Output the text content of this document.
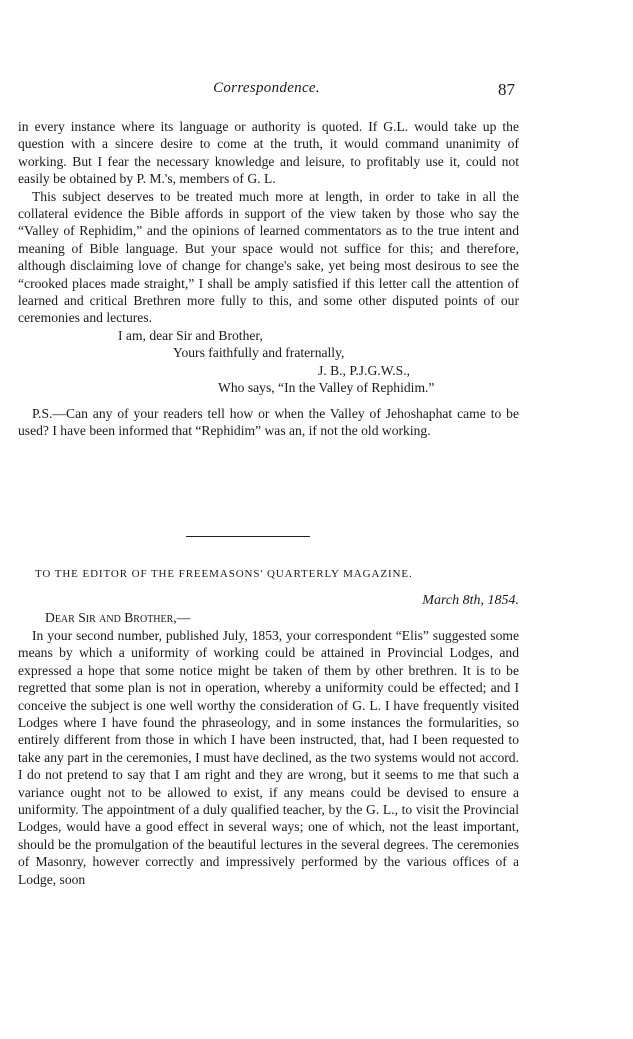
Correspondence.	87

in every instance where its language or authority is quoted. If G.L. would take up the question with a sincere desire to come at the truth, it would command unanimity of working. But I fear the necessary knowledge and leisure, to profitably use it, could not easily be obtained by P. M.'s, members of G. L.

This subject deserves to be treated much more at length, in order to take in all the collateral evidence the Bible affords in support of the view taken by those who say the “Valley of Rephidim,” and the opinions of learned commentators as to the true intent and meaning of Bible language. But your space would not suffice for this; and therefore, although disclaiming love of change for change's sake, yet being most desirous to see the “crooked places made straight,” I shall be amply satisfied if this letter call the attention of learned and critical Brethren more fully to this, and some other disputed points of our ceremonies and lectures.

I am, dear Sir and Brother,
Yours faithfully and fraternally,
J. B., P.J.G.W.S.,
Who says, “In the Valley of Rephidim.”

P.S.—Can any of your readers tell how or when the Valley of Jehoshaphat came to be used? I have been informed that “Rephidim” was an, if not the old working.

TO THE EDITOR OF THE FREEMASONS' QUARTERLY MAGAZINE.
March 8th, 1854.
Dear Sir and Brother,—

In your second number, published July, 1853, your correspondent “Elis” suggested some means by which a uniformity of working could be attained in Provincial Lodges, and expressed a hope that some notice might be taken of them by other brethren. It is to be regretted that some plan is not in operation, whereby a uniformity could be effected; and I conceive the subject is one well worthy the consideration of G. L. I have frequently visited Lodges where I have found the phraseology, and in some instances the formularities, so entirely different from those in which I have been instructed, that, had I been requested to take any part in the ceremonies, I must have declined, as the two systems would not accord. I do not pretend to say that I am right and they are wrong, but it seems to me that such a variance ought not to be allowed to exist, if any means could be devised to ensure a uniformity. The appointment of a duly qualified teacher, by the G. L., to visit the Provincial Lodges, would have a good effect in several ways; one of which, not the least important, should be the promulgation of the beautiful lectures in the several degrees. The ceremonies of Masonry, however correctly and impressively performed by the various offices of a Lodge, soon
